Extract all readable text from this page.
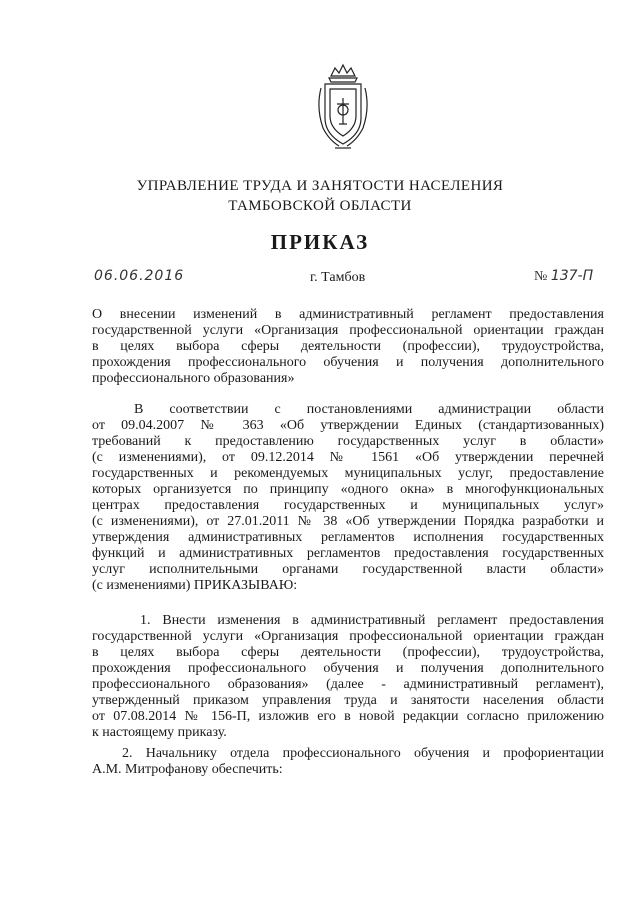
УПРАВЛЕНИЕ ТРУДА И ЗАНЯТОСТИ НАСЕЛЕНИЯ
ТАМБОВСКОЙ ОБЛАСТИ
ПРИКАЗ
06.06.2016	г. Тамбов	№ 137-П
О внесении изменений в административный регламент предоставления
государственной услуги «Организация профессиональной ориентации граждан
в целях выбора сферы деятельности (профессии), трудоустройства,
прохождения профессионального обучения и получения дополнительного
профессионального образования»
В соответствии с постановлениями администрации области
от 09.04.2007 № 363 «Об утверждении Единых (стандартизованных)
требований к предоставлению государственных услуг в области»
(с изменениями), от 09.12.2014 № 1561 «Об утверждении перечней
государственных и рекомендуемых муниципальных услуг, предоставление
которых организуется по принципу «одного окна» в многофункциональных
центрах предоставления государственных и муниципальных услуг»
(с изменениями), от 27.01.2011 № 38 «Об утверждении Порядка разработки и
утверждения административных регламентов исполнения государственных
функций и административных регламентов предоставления государственных
услуг исполнительными органами государственной власти области»
(с изменениями) ПРИКАЗЫВАЮ:
1. Внести изменения в административный регламент предоставления
государственной услуги «Организация профессиональной ориентации граждан
в целях выбора сферы деятельности (профессии), трудоустройства,
прохождения профессионального обучения и получения дополнительного
профессионального образования» (далее - административный регламент),
утвержденный приказом управления труда и занятости населения области
от 07.08.2014 № 156-П, изложив его в новой редакции согласно приложению
к настоящему приказу.
2. Начальнику отдела профессионального обучения и профориентации
А.М. Митрофанову обеспечить:
